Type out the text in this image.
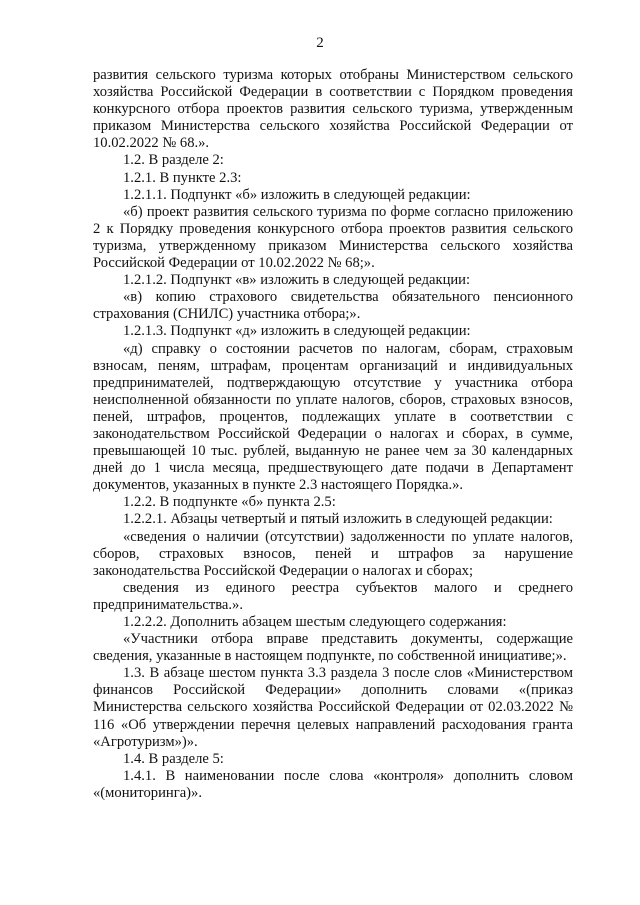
2

развития сельского туризма которых отобраны Министерством сельского хозяйства Российской Федерации в соответствии с Порядком проведения конкурсного отбора проектов развития сельского туризма, утвержденным приказом Министерства сельского хозяйства Российской Федерации от 10.02.2022 № 68.».

1.2. В разделе 2:

1.2.1. В пункте 2.3:

1.2.1.1. Подпункт «б» изложить в следующей редакции:

«б) проект развития сельского туризма по форме согласно приложению 2 к Порядку проведения конкурсного отбора проектов развития сельского туризма, утвержденному приказом Министерства сельского хозяйства Российской Федерации от 10.02.2022 № 68;».

1.2.1.2. Подпункт «в» изложить в следующей редакции:

«в) копию страхового свидетельства обязательного пенсионного страхования (СНИЛС) участника отбора;».

1.2.1.3. Подпункт «д» изложить в следующей редакции:

«д) справку о состоянии расчетов по налогам, сборам, страховым взносам, пеням, штрафам, процентам организаций и индивидуальных предпринимателей, подтверждающую отсутствие у участника отбора неисполненной обязанности по уплате налогов, сборов, страховых взносов, пеней, штрафов, процентов, подлежащих уплате в соответствии с законодательством Российской Федерации о налогах и сборах, в сумме, превышающей 10 тыс. рублей, выданную не ранее чем за 30 календарных дней до 1 числа месяца, предшествующего дате подачи в Департамент документов, указанных в пункте 2.3 настоящего Порядка.».

1.2.2. В подпункте «б» пункта 2.5:

1.2.2.1. Абзацы четвертый и пятый изложить в следующей редакции:

«сведения о наличии (отсутствии) задолженности по уплате налогов, сборов, страховых взносов, пеней и штрафов за нарушение законодательства Российской Федерации о налогах и сборах;

сведения из единого реестра субъектов малого и среднего предпринимательства.».

1.2.2.2. Дополнить абзацем шестым следующего содержания:

«Участники отбора вправе представить документы, содержащие сведения, указанные в настоящем подпункте, по собственной инициативе;».

1.3. В абзаце шестом пункта 3.3 раздела 3 после слов «Министерством финансов Российской Федерации» дополнить словами «(приказ Министерства сельского хозяйства Российской Федерации от 02.03.2022 № 116 «Об утверждении перечня целевых направлений расходования гранта «Агротуризм»)».

1.4. В разделе 5:

1.4.1. В наименовании после слова «контроля» дополнить словом «(мониторинга)».
